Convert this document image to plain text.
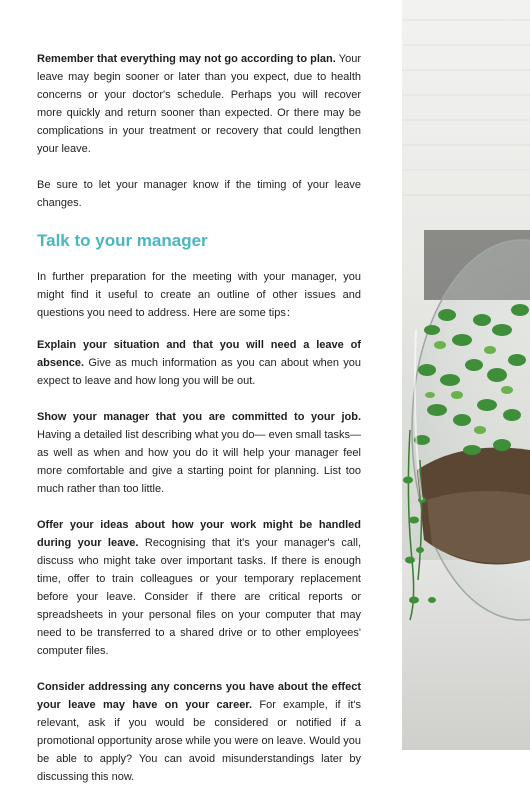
Remember that everything may not go according to plan. Your leave may begin sooner or later than you expect, due to health concerns or your doctor's schedule. Perhaps you will recover more quickly and return sooner than expected. Or there may be complications in your treatment or recovery that could lengthen your leave.

Be sure to let your manager know if the timing of your leave changes.

Talk to your manager

In further preparation for the meeting with your manager, you might find it useful to create an outline of other issues and questions you need to address. Here are some tips：

Explain your situation and that you will need a leave of absence. Give as much information as you can about when you expect to leave and how long you will be out.

Show your manager that you are committed to your job. Having a detailed list describing what you do— even small tasks—as well as when and how you do it will help your manager feel more comfortable and give a starting point for planning. List too much rather than too little.

Offer your ideas about how your work might be handled during your leave. Recognising that it's your manager's call, discuss who might take over important tasks. If there is enough time, offer to train colleagues or your temporary replacement before your leave. Consider if there are critical reports or spreadsheets in your personal files on your computer that may need to be transferred to a shared drive or to other employees' computer files.

Consider addressing any concerns you have about the effect your leave may have on your career. For example, if it's relevant, ask if you would be considered or notified if a promotional opportunity arose while you were on leave. Would you be able to apply? You can avoid misunderstandings later by discussing this now.
